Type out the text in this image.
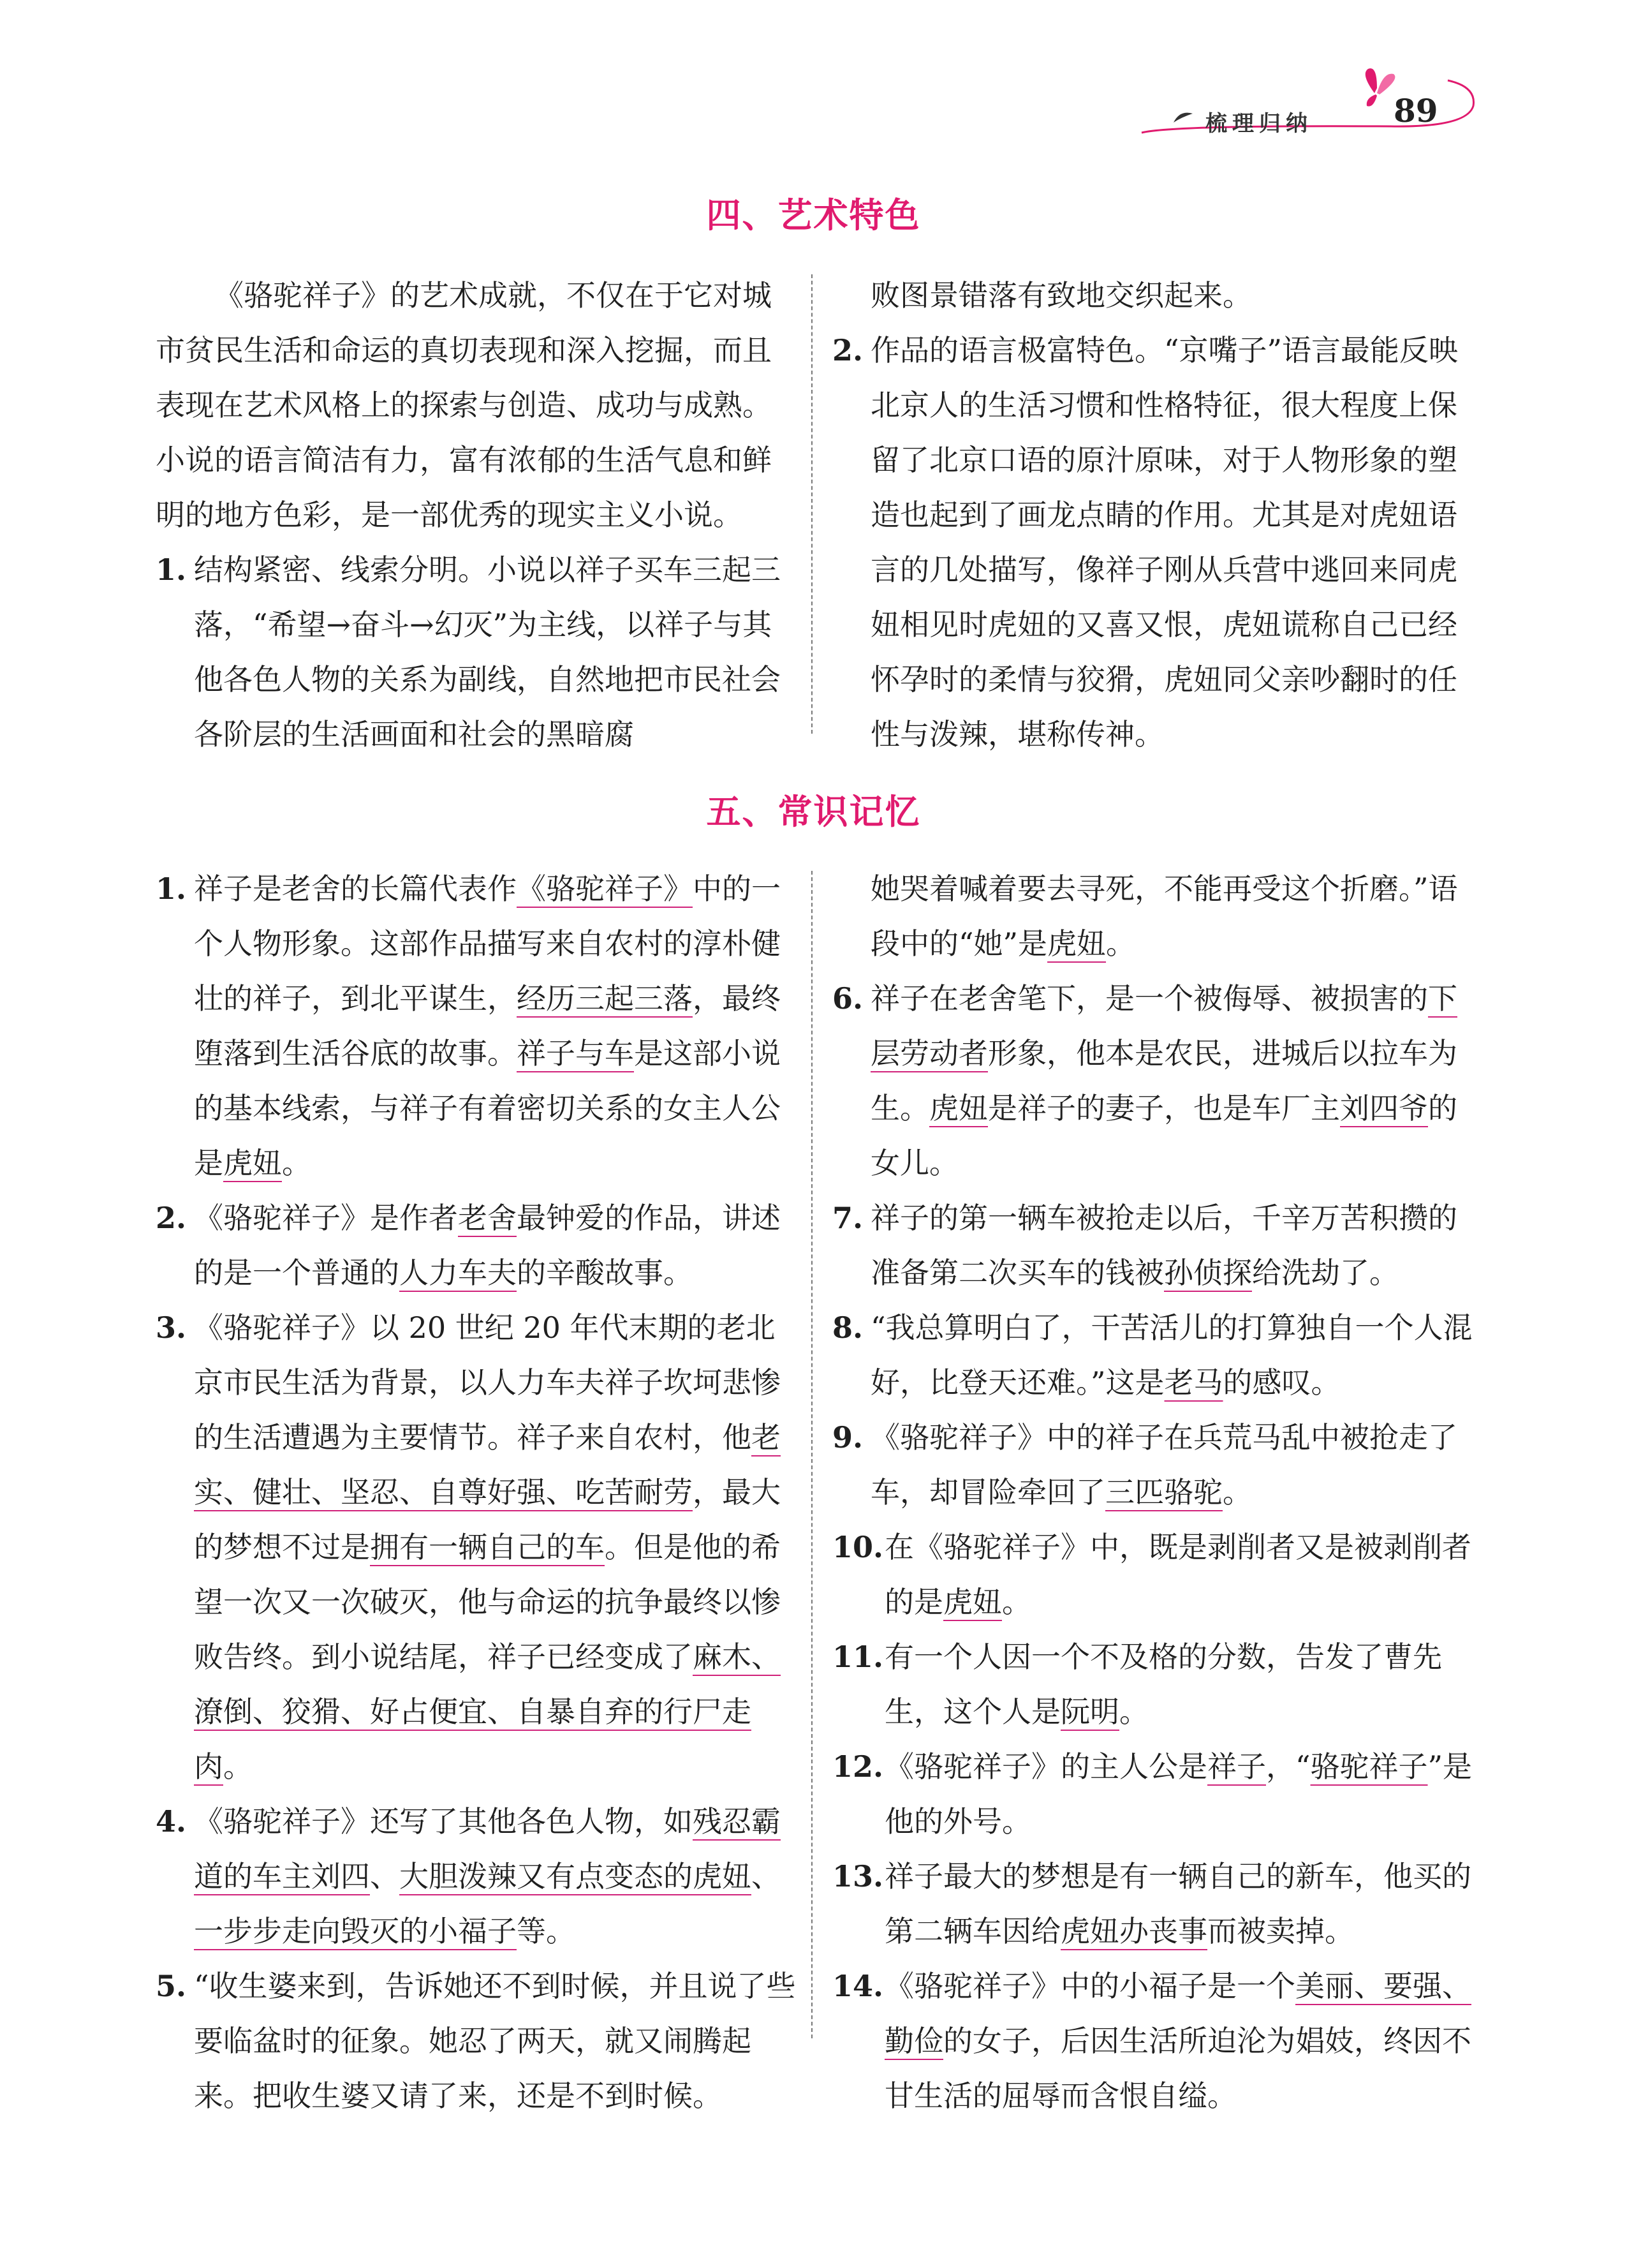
梳理归纳	89
四、艺术特色

《骆驼祥子》的艺术成就，不仅在于它对城市贫民生活和命运的真切表现和深入挖掘，而且表现在艺术风格上的探索与创造、成功与成熟。小说的语言简洁有力，富有浓郁的生活气息和鲜明的地方色彩，是一部优秀的现实主义小说。

1. 结构紧密、线索分明。小说以祥子买车三起三落，“希望→奋斗→幻灭”为主线，以祥子与其他各色人物的关系为副线，自然地把市民社会各阶层的生活画面和社会的黑暗腐

败图景错落有致地交织起来。

2. 作品的语言极富特色。“京嘴子”语言最能反映北京人的生活习惯和性格特征，很大程度上保留了北京口语的原汁原味，对于人物形象的塑造也起到了画龙点睛的作用。尤其是对虎妞语言的几处描写，像祥子刚从兵营中逃回来同虎妞相见时虎妞的又喜又恨，虎妞谎称自己已经怀孕时的柔情与狡猾，虎妞同父亲吵翻时的任性与泼辣，堪称传神。
五、常识记忆
1. 祥子是老舍的长篇代表作《骆驼祥子》中的一个人物形象。这部作品描写来自农村的淳朴健壮的祥子，到北平谋生，经历三起三落，最终堕落到生活谷底的故事。祥子与车是这部小说的基本线索，与祥子有着密切关系的女主人公是虎妞。
2. 《骆驼祥子》是作者老舍最钟爱的作品，讲述的是一个普通的人力车夫的辛酸故事。
3. 《骆驼祥子》以 20 世纪 20 年代末期的老北京市民生活为背景，以人力车夫祥子坎坷悲惨的生活遭遇为主要情节。祥子来自农村，他老实、健壮、坚忍、自尊好强、吃苦耐劳，最大的梦想不过是拥有一辆自己的车。但是他的希望一次又一次破灭，他与命运的抗争最终以惨败告终。到小说结尾，祥子已经变成了麻木、潦倒、狡猾、好占便宜、自暴自弃的行尸走肉。
4. 《骆驼祥子》还写了其他各色人物，如残忍霸道的车主刘四、大胆泼辣又有点变态的虎妞、一步步走向毁灭的小福子等。
5. “收生婆来到，告诉她还不到时候，并且说了些要临盆时的征象。她忍了两天，就又闹腾起来。把收生婆又请了来，还是不到时候。

她哭着喊着要去寻死，不能再受这个折磨。”语段中的“她”是虎妞。

6. 祥子在老舍笔下，是一个被侮辱、被损害的下层劳动者形象，他本是农民，进城后以拉车为生。虎妞是祥子的妻子，也是车厂主刘四爷的女儿。
7. 祥子的第一辆车被抢走以后，千辛万苦积攒的准备第二次买车的钱被孙侦探给洗劫了。
8. “我总算明白了，干苦活儿的打算独自一个人混好，比登天还难。”这是老马的感叹。
9. 《骆驼祥子》中的祥子在兵荒马乱中被抢走了车，却冒险牵回了三匹骆驼。
10. 在《骆驼祥子》中，既是剥削者又是被剥削者的是虎妞。
11. 有一个人因一个不及格的分数，告发了曹先生，这个人是阮明。
12. 《骆驼祥子》的主人公是祥子，“骆驼祥子”是他的外号。
13. 祥子最大的梦想是有一辆自己的新车，他买的第二辆车因给虎妞办丧事而被卖掉。
14. 《骆驼祥子》中的小福子是一个美丽、要强、勤俭的女子，后因生活所迫沦为娼妓，终因不甘生活的屈辱而含恨自缢。
